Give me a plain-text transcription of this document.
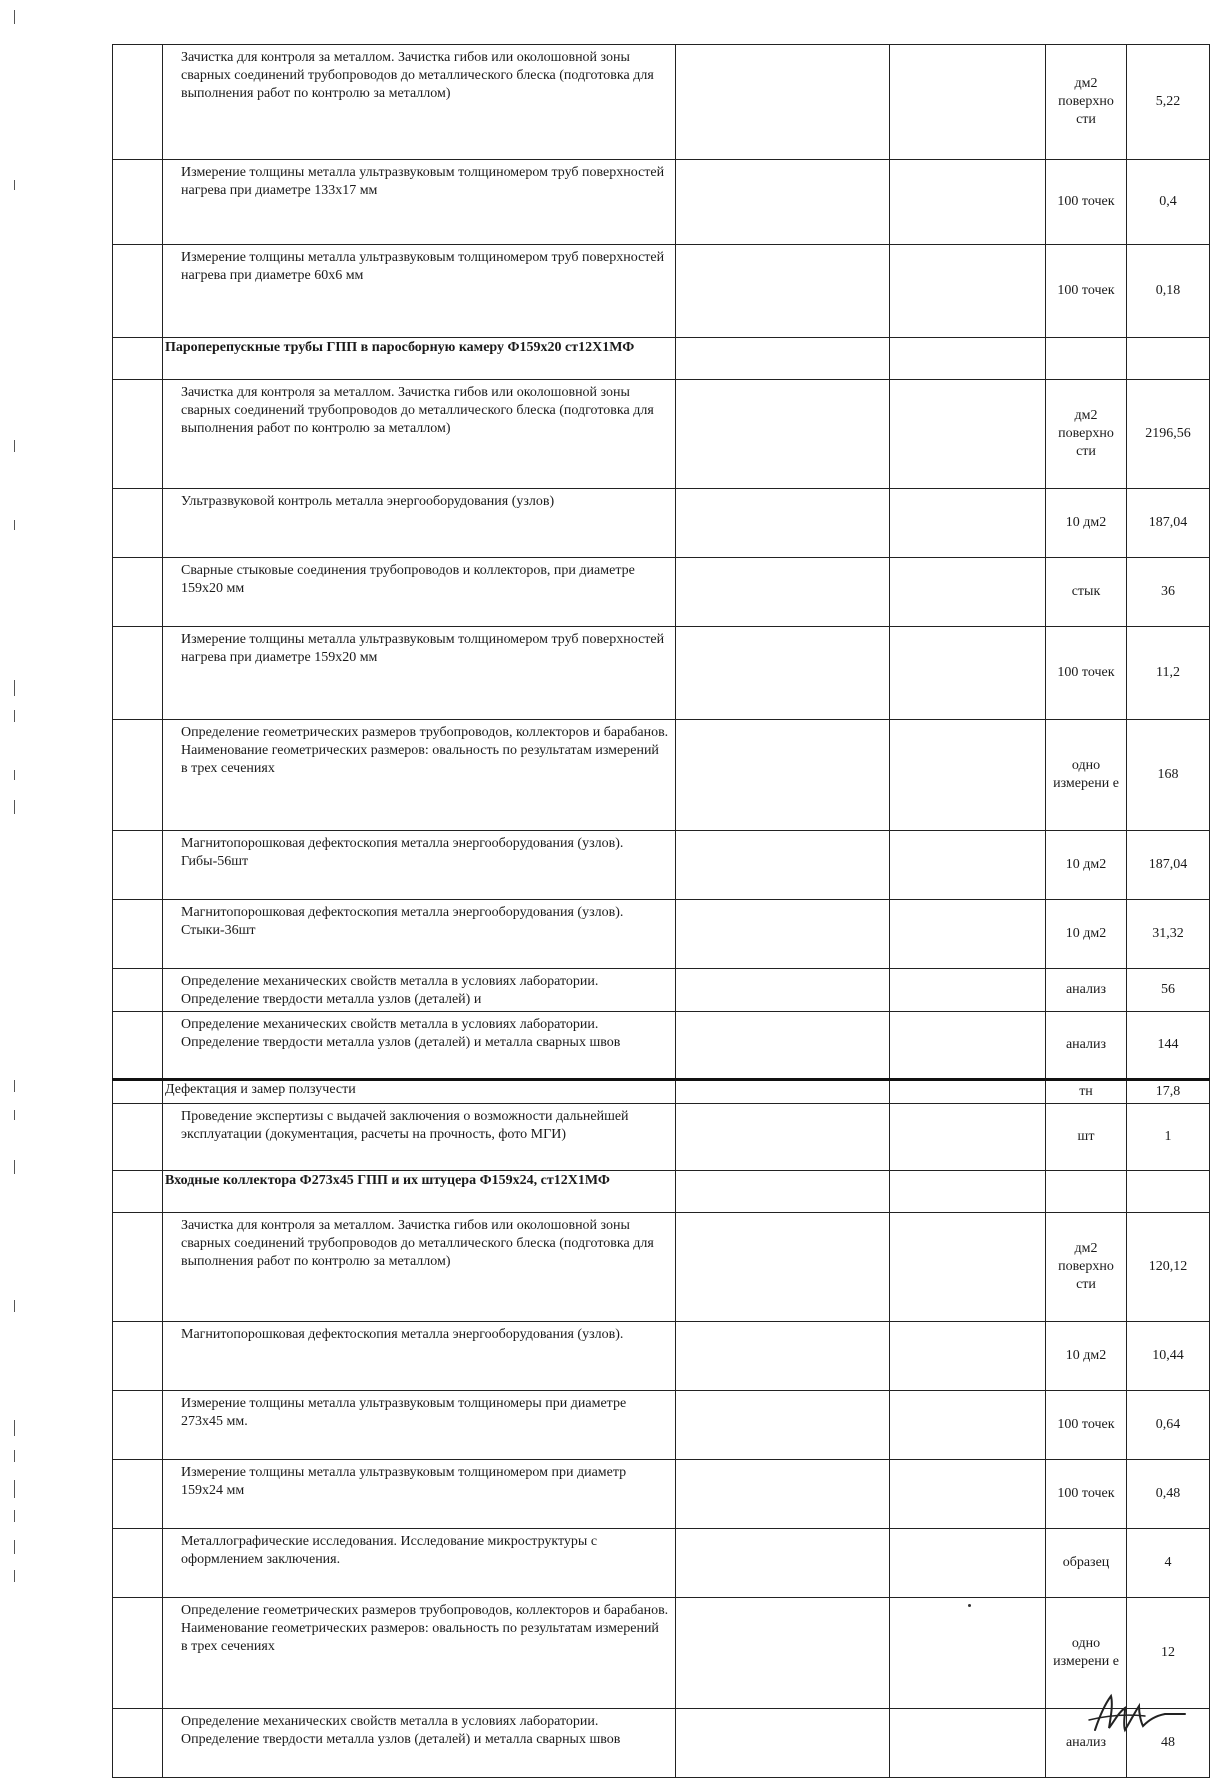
	Зачистка для контроля за металлом. Зачистка гибов или околошовной зоны сварных соединений трубопроводов до металлического блеска (подготовка для выполнения работ по контролю за металлом)			дм2 поверхно сти	5,22
	Измерение толщины металла ультразвуковым толщиномером труб поверхностей нагрева при диаметре 133х17 мм			100 точек	0,4
	Измерение толщины металла ультразвуковым толщиномером труб поверхностей нагрева при диаметре 60х6 мм			100 точек	0,18
	Пароперепускные трубы ГПП в паросборную камеру Ф159х20 ст12Х1МФ				
	Зачистка для контроля за металлом. Зачистка гибов или околошовной зоны сварных соединений трубопроводов до металлического блеска (подготовка для выполнения работ по контролю за металлом)			дм2 поверхно сти	2196,56
	Ультразвуковой контроль металла энергооборудования (узлов)			10 дм2	187,04
	Сварные стыковые соединения трубопроводов и коллекторов, при диаметре 159х20 мм			стык	36
	Измерение толщины металла ультразвуковым толщиномером труб поверхностей нагрева при диаметре 159х20 мм			100 точек	11,2
	Определение геометрических размеров трубопроводов, коллекторов и барабанов. Наименование геометрических размеров: овальность по результатам измерений в трех сечениях			одно измерени е	168
	Магнитопорошковая дефектоскопия металла энергооборудования (узлов). Гибы-56шт			10 дм2	187,04
	Магнитопорошковая дефектоскопия металла энергооборудования (узлов). Стыки-36шт			10 дм2	31,32
	Определение механических свойств металла в условиях лаборатории. Определение твердости металла узлов (деталей) и			анализ	56
	Определение механических свойств металла в условиях лаборатории. Определение твердости металла узлов (деталей) и металла сварных швов			анализ	144
	Дефектация и замер ползучести			тн	17,8
	Проведение экспертизы с выдачей заключения о возможности дальнейшей эксплуатации (документация, расчеты на прочность, фото МГИ)			шт	1
	Входные коллектора Ф273х45 ГПП и их штуцера Ф159х24, ст12Х1МФ				
	Зачистка для контроля за металлом. Зачистка гибов или околошовной зоны сварных соединений трубопроводов до металлического блеска (подготовка для выполнения работ по контролю за металлом)			дм2 поверхно сти	120,12
	Магнитопорошковая дефектоскопия металла энергооборудования (узлов).			10 дм2	10,44
	Измерение толщины металла ультразвуковым толщиномеры при диаметре 273х45 мм.			100 точек	0,64
	Измерение толщины металла ультразвуковым толщиномером при диаметр 159х24 мм			100 точек	0,48
	Металлографические исследования. Исследование микроструктуры с оформлением заключения.			образец	4
	Определение геометрических размеров трубопроводов, коллекторов и барабанов. Наименование геометрических размеров: овальность по результатам измерений в трех сечениях			одно измерени е	12
	Определение механических свойств металла в условиях лаборатории. Определение твердости металла узлов (деталей) и металла сварных швов			анализ	48
